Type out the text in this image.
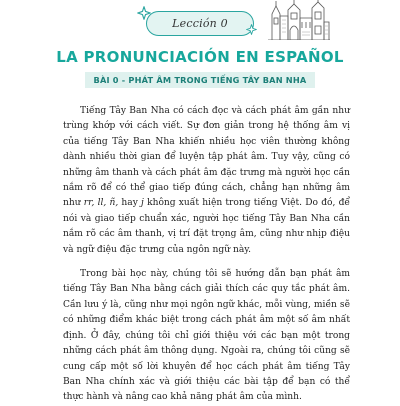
Lección 0
LA PRONUNCIACIÓN EN ESPAÑOL
BÀI 0 - PHÁT ÂM TRONG TIẾNG TÂY BAN NHA

Tiếng Tây Ban Nha có cách đọc và cách phát âm gần như trùng khớp với cách viết. Sự đơn giản trong hệ thống âm vị của tiếng Tây Ban Nha khiến nhiều học viên thường không dành nhiều thời gian để luyện tập phát âm. Tuy vậy, cũng có những âm thanh và cách phát âm đặc trưng mà người học cần nắm rõ để có thể giao tiếp đúng cách, chẳng hạn những âm như rr, ll, ñ, hay j không xuất hiện trong tiếng Việt. Do đó, để nói và giao tiếp chuẩn xác, người học tiếng Tây Ban Nha cần nắm rõ các âm thanh, vị trí đặt trọng âm, cũng như nhịp điệu và ngữ điệu đặc trưng của ngôn ngữ này.

Trong bài học này, chúng tôi sẽ hướng dẫn bạn phát âm tiếng Tây Ban Nha bằng cách giải thích các quy tắc phát âm. Cần lưu ý là, cũng như mọi ngôn ngữ khác, mỗi vùng, miền sẽ có những điểm khác biệt trong cách phát âm một số âm nhất định. Ở đây, chúng tôi chỉ giới thiệu với các bạn một trong những cách phát âm thông dụng. Ngoài ra, chúng tôi cũng sẽ cung cấp một số lời khuyên để học cách phát âm tiếng Tây Ban Nha chính xác và giới thiệu các bài tập để bạn có thể thực hành và nâng cao khả năng phát âm của mình.
